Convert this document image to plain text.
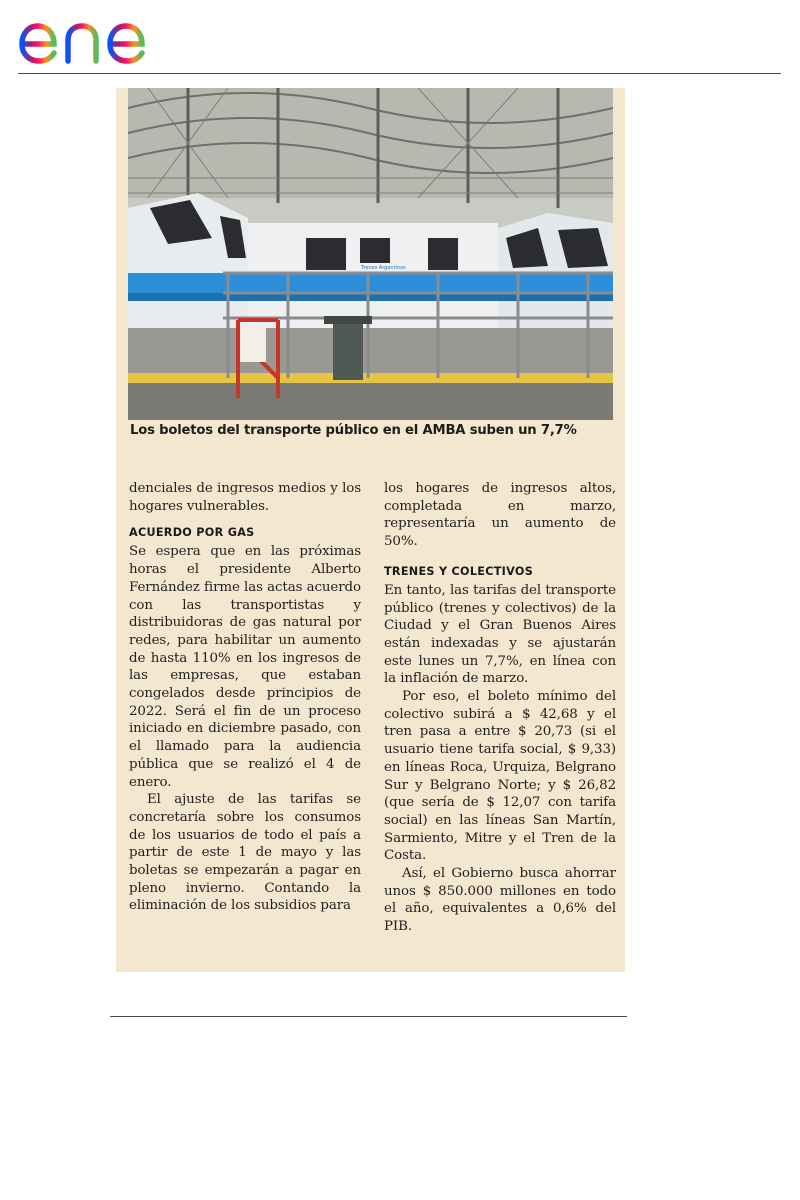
enel
Trenes Argentinos
Los boletos del transporte público en el AMBA suben un 7,7%

denciales de ingresos medios y los hogares vulnerables.

ACUERDO POR GAS

Se espera que en las próximas horas el presidente Alberto Fernández firme las actas acuerdo con las transportistas y distribuidoras de gas natural por redes, para habilitar un aumento de hasta 110% en los ingresos de las empresas, que estaban congelados desde principios de 2022. Será el fin de un proceso iniciado en diciembre pasado, con el llamado para la audiencia pública que se realizó el 4 de enero.

El ajuste de las tarifas se concretaría sobre los consumos de los usuarios de todo el país a partir de este 1 de mayo y las boletas se empezarán a pagar en pleno invierno. Contando la eliminación de los subsidios para

los hogares de ingresos altos, completada en marzo, representaría un aumento de 50%.

TRENES Y COLECTIVOS

En tanto, las tarifas del transporte público (trenes y colectivos) de la Ciudad y el Gran Buenos Aires están indexadas y se ajustarán este lunes un 7,7%, en línea con la inflación de marzo.

Por eso, el boleto mínimo del colectivo subirá a $ 42,68 y el tren pasa a entre $ 20,73 (si el usuario tiene tarifa social, $ 9,33) en líneas Roca, Urquiza, Belgrano Sur y Belgrano Norte; y $ 26,82 (que sería de $ 12,07 con tarifa social) en las líneas San Martín, Sarmiento, Mitre y el Tren de la Costa.

Así, el Gobierno busca ahorrar unos $ 850.000 millones en todo el año, equivalentes a 0,6% del PIB.
